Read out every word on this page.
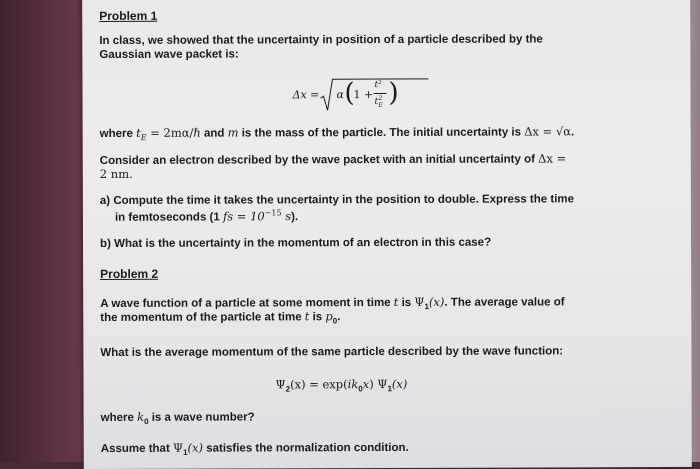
Problem 1
In class, we showed that the uncertainty in position of a particle described by the
Gaussian wave packet is:
Δx = α (
1 +
t²
$t_E^2$ )
where $t_E$ = 2mα/ℏ and m is the mass of the particle. The initial uncertainty is Δx = √α.
Consider an electron described by the wave packet with an initial uncertainty of Δx =
2 nm.
a) Compute the time it takes the uncertainty in the position to double. Express the time
in femtoseconds (1 fs = $10^{-15}$ s).
b) What is the uncertainty in the momentum of an electron in this case?
Problem 2
A wave function of a particle at some moment in time t is $\Psi_1(x)$. The average value of
the momentum of the particle at time t is $p_0$.
What is the average momentum of the same particle described by the wave function:
$\Psi_2(x) = \exp(ik_0x)$ $\Psi_1(x)$
where $k_0$ is a wave number?
Assume that $\Psi_1(x)$ satisfies the normalization condition.
